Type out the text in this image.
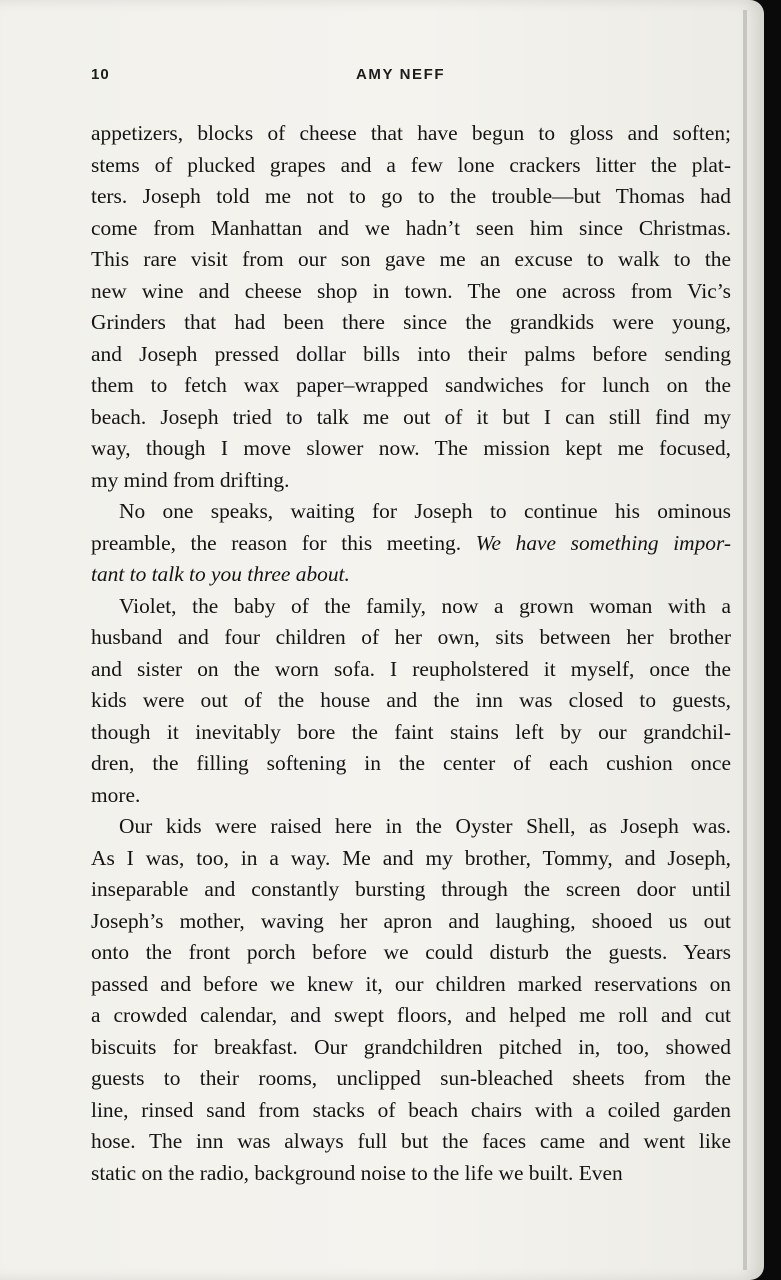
10	AMY NEFF
appetizers, blocks of cheese that have begun to gloss and soften;
stems of plucked grapes and a few lone crackers litter the plat-
ters. Joseph told me not to go to the trouble—but Thomas had
come from Manhattan and we hadn’t seen him since Christmas.
This rare visit from our son gave me an excuse to walk to the
new wine and cheese shop in town. The one across from Vic’s
Grinders that had been there since the grandkids were young,
and Joseph pressed dollar bills into their palms before sending
them to fetch wax paper–wrapped sandwiches for lunch on the
beach. Joseph tried to talk me out of it but I can still find my
way, though I move slower now. The mission kept me focused,
my mind from drifting.
No one speaks, waiting for Joseph to continue his ominous
preamble, the reason for this meeting. We have something impor-
tant to talk to you three about.
Violet, the baby of the family, now a grown woman with a
husband and four children of her own, sits between her brother
and sister on the worn sofa. I reupholstered it myself, once the
kids were out of the house and the inn was closed to guests,
though it inevitably bore the faint stains left by our grandchil-
dren, the filling softening in the center of each cushion once
more.
Our kids were raised here in the Oyster Shell, as Joseph was.
As I was, too, in a way. Me and my brother, Tommy, and Joseph,
inseparable and constantly bursting through the screen door until
Joseph’s mother, waving her apron and laughing, shooed us out
onto the front porch before we could disturb the guests. Years
passed and before we knew it, our children marked reservations on
a crowded calendar, and swept floors, and helped me roll and cut
biscuits for breakfast. Our grandchildren pitched in, too, showed
guests to their rooms, unclipped sun-bleached sheets from the
line, rinsed sand from stacks of beach chairs with a coiled garden
hose. The inn was always full but the faces came and went like
static on the radio, background noise to the life we built. Even
